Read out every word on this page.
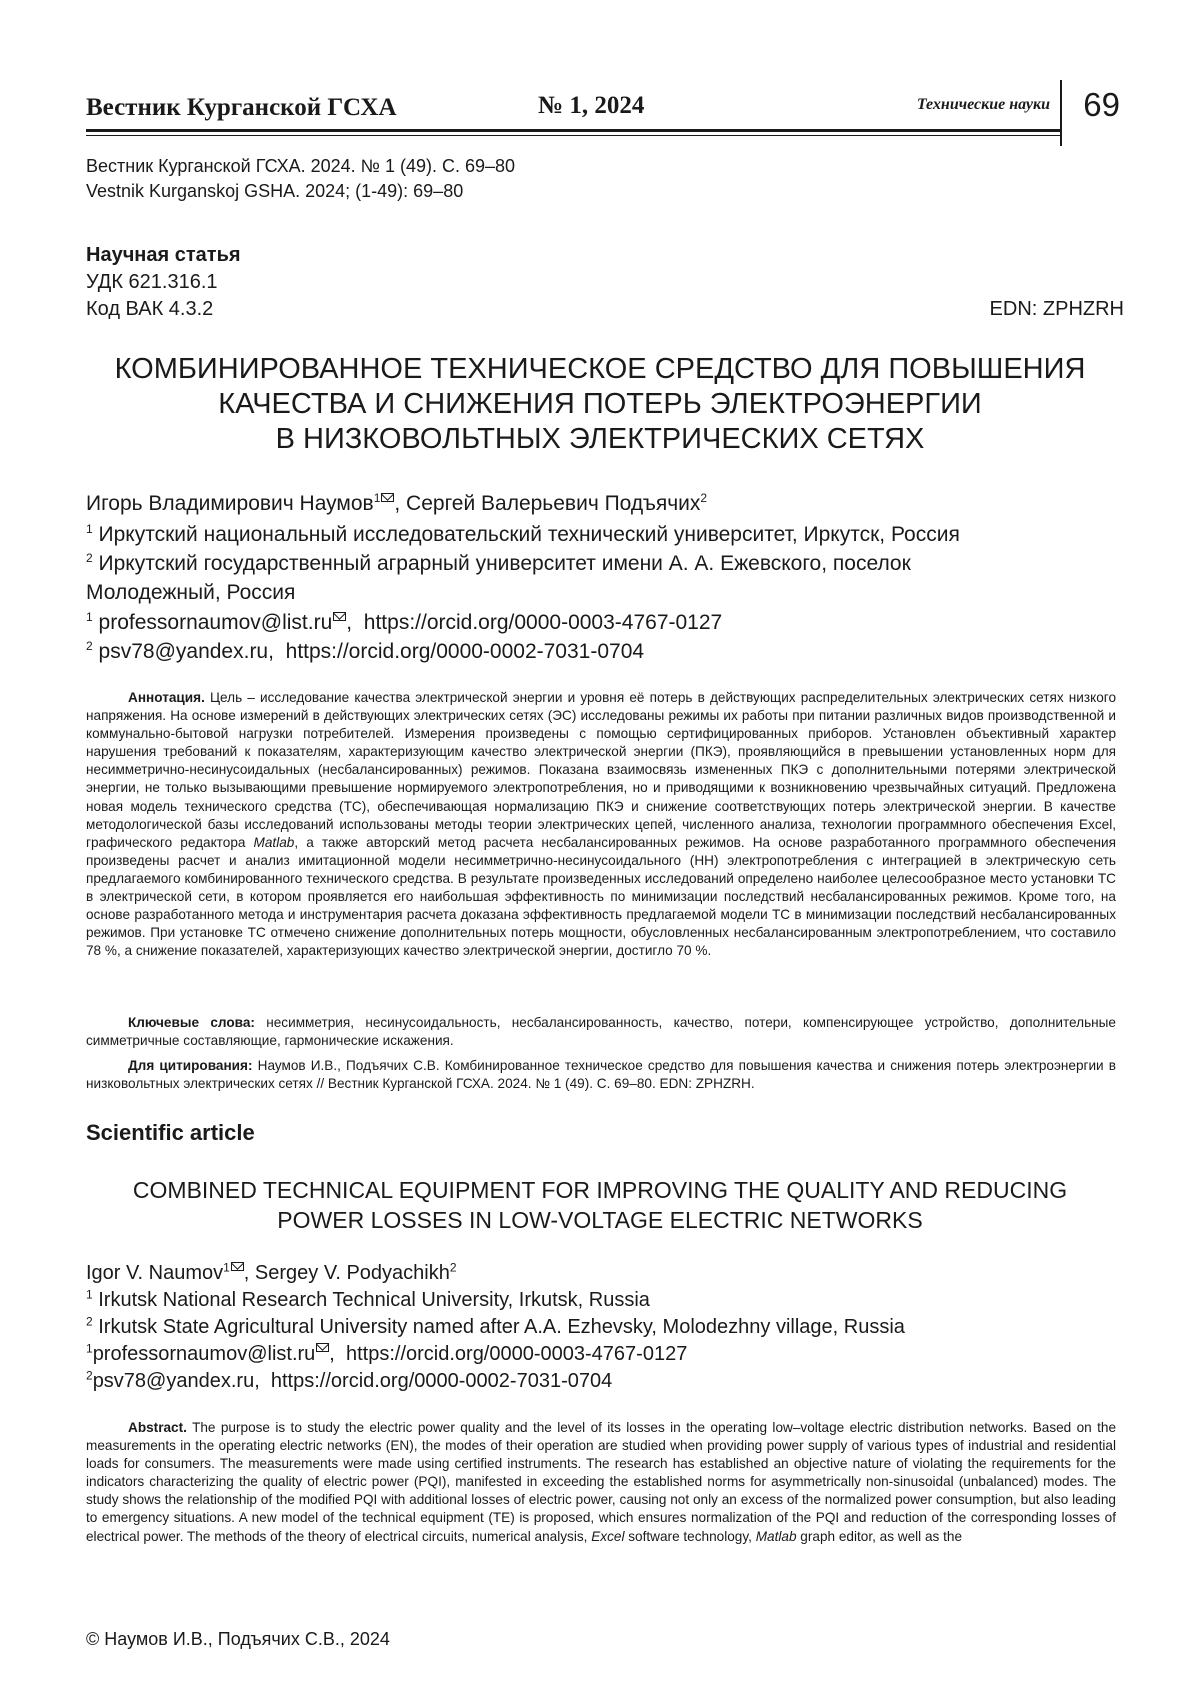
Вестник Курганской ГСХА	№ 1, 2024	Технические науки 69
Вестник Курганской ГСХА. 2024. № 1 (49). С. 69–80
Vestnik Kurganskoj GSHA. 2024; (1-49): 69–80
Научная статья
УДК 621.316.1
Код ВАК 4.3.2	EDN: ZPHZRH
КОМБИНИРОВАННОЕ ТЕХНИЧЕСКОЕ СРЕДСТВО ДЛЯ ПОВЫШЕНИЯ
КАЧЕСТВА И СНИЖЕНИЯ ПОТЕРЬ ЭЛЕКТРОЭНЕРГИИ
В НИЗКОВОЛЬТНЫХ ЭЛЕКТРИЧЕСКИХ СЕТЯХ
Игорь Владимирович Наумов$^1$ , Сергей Валерьевич Подъячих$^2$
$^1$ Иркутский национальный исследовательский технический университет, Иркутск, Россия
$^2$ Иркутский государственный аграрный университет имени А. А. Ежевского, поселок
Молодежный, Россия
$^1$ professornaumov@list.ru ,  https://orcid.org/0000-0003-4767-0127
$^2$ psv78@yandex.ru,  https://orcid.org/0000-0002-7031-0704
Аннотация. Цель – исследование качества электрической энергии и уровня её потерь в действующих распределительных электрических сетях низкого напряжения. На основе измерений в действующих электрических сетях (ЭС) исследованы режимы их работы при питании различных видов производственной и коммунально-бытовой нагрузки потребителей. Измерения произведены с помощью сертифицированных приборов. Установлен объективный характер нарушения требований к показателям, характеризующим качество электрической энергии (ПКЭ), проявляющийся в превышении установленных норм для несимметрично-несинусоидальных (несбалансированных) режимов. Показана взаимосвязь измененных ПКЭ с дополнительными потерями электрической энергии, не только вызывающими превышение нормируемого электропотребления, но и приводящими к возникновению чрезвычайных ситуаций. Предложена новая модель технического средства (ТС), обеспечивающая нормализацию ПКЭ и снижение соответствующих потерь электрической энергии. В качестве методологической базы исследований использованы методы теории электрических цепей, численного анализа, технологии программного обеспечения Excel, графического редактора Matlab, а также авторский метод расчета несбалансированных режимов. На основе разработанного программного обеспечения произведены расчет и анализ имитационной модели несимметрично-несинусоидального (НН) электропотребления с интеграцией в электрическую сеть предлагаемого комбинированного технического средства. В результате произведенных исследований определено наиболее целесообразное место установки ТС в электрической сети, в котором проявляется его наибольшая эффективность по минимизации последствий несбалансированных режимов. Кроме того, на основе разработанного метода и инструментария расчета доказана эффективность предлагаемой модели ТС в минимизации последствий несбалансированных режимов. При установке ТС отмечено снижение дополнительных потерь мощности, обусловленных несбалансированным электропотреблением, что составило 78 %, а снижение показателей, характеризующих качество электрической энергии, достигло 70 %.
Ключевые слова: несимметрия, несинусоидальность, несбалансированность, качество, потери, компенсирующее устройство, дополнительные симметричные составляющие, гармонические искажения.
Для цитирования: Наумов И.В., Подъячих С.В. Комбинированное техническое средство для повышения качества и снижения потерь электроэнергии в низковольтных электрических сетях // Вестник Курганской ГСХА. 2024. № 1 (49). С. 69–80. EDN: ZPHZRH.
Scientific article
COMBINED TECHNICAL EQUIPMENT FOR IMPROVING THE QUALITY AND REDUCING
POWER LOSSES IN LOW-VOLTAGE ELECTRIC NETWORKS
Igor V. Naumov$^1$ , Sergey V. Podyachikh$^2$
$^1$ Irkutsk National Research Technical University, Irkutsk, Russia
$^2$ Irkutsk State Agricultural University named after A.A. Ezhevsky, Molodezhny village, Russia
$^1$professornaumov@list.ru ,  https://orcid.org/0000-0003-4767-0127
$^2$psv78@yandex.ru,  https://orcid.org/0000-0002-7031-0704
Abstract. The purpose is to study the electric power quality and the level of its losses in the operating low–voltage electric distribution networks. Based on the measurements in the operating electric networks (EN), the modes of their operation are studied when providing power supply of various types of industrial and residential loads for consumers. The measurements were made using certified instruments. The research has established an objective nature of violating the requirements for the indicators characterizing the quality of electric power (PQI), manifested in exceeding the established norms for asymmetrically non-sinusoidal (unbalanced) modes. The study shows the relationship of the modified PQI with additional losses of electric power, causing not only an excess of the normalized power consumption, but also leading to emergency situations. A new model of the technical equipment (TE) is proposed, which ensures normalization of the PQI and reduction of the corresponding losses of electrical power. The methods of the theory of electrical circuits, numerical analysis, Excel software technology, Matlab graph editor, as well as the
© Наумов И.В., Подъячих С.В., 2024
